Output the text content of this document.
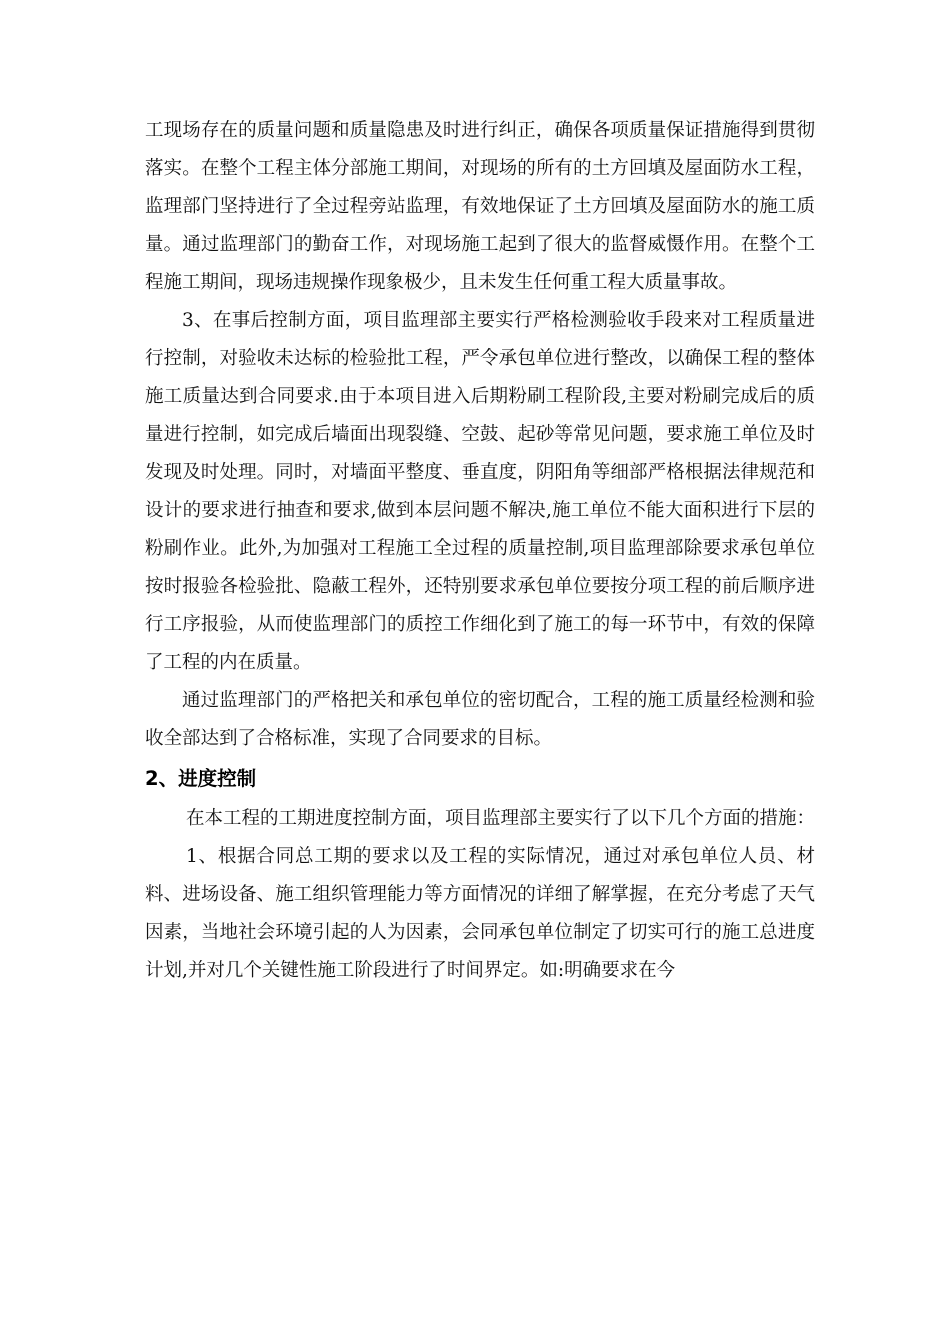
工现场存在的质量问题和质量隐患及时进行纠正，确保各项质量保证措施得到贯彻落实。在整个工程主体分部施工期间，对现场的所有的土方回填及屋面防水工程，监理部门坚持进行了全过程旁站监理，有效地保证了土方回填及屋面防水的施工质量。通过监理部门的勤奋工作，对现场施工起到了很大的监督威慑作用。在整个工程施工期间，现场违规操作现象极少，且未发生任何重工程大质量事故。

3、在事后控制方面，项目监理部主要实行严格检测验收手段来对工程质量进行控制，对验收未达标的检验批工程，严令承包单位进行整改，以确保工程的整体施工质量达到合同要求.由于本项目进入后期粉刷工程阶段,主要对粉刷完成后的质量进行控制，如完成后墙面出现裂缝、空鼓、起砂等常见问题，要求施工单位及时发现及时处理。同时，对墙面平整度、垂直度，阴阳角等细部严格根据法律规范和设计的要求进行抽查和要求,做到本层问题不解决,施工单位不能大面积进行下层的粉刷作业。此外,为加强对工程施工全过程的质量控制,项目监理部除要求承包单位按时报验各检验批、隐蔽工程外，还特别要求承包单位要按分项工程的前后顺序进行工序报验，从而使监理部门的质控工作细化到了施工的每一环节中，有效的保障了工程的内在质量。

通过监理部门的严格把关和承包单位的密切配合，工程的施工质量经检测和验收全部达到了合格标准，实现了合同要求的目标。

2、进度控制

在本工程的工期进度控制方面，项目监理部主要实行了以下几个方面的措施：

1、根据合同总工期的要求以及工程的实际情况，通过对承包单位人员、材料、进场设备、施工组织管理能力等方面情况的详细了解掌握，在充分考虑了天气因素，当地社会环境引起的人为因素，会同承包单位制定了切实可行的施工总进度计划,并对几个关键性施工阶段进行了时间界定。如:明确要求在今
